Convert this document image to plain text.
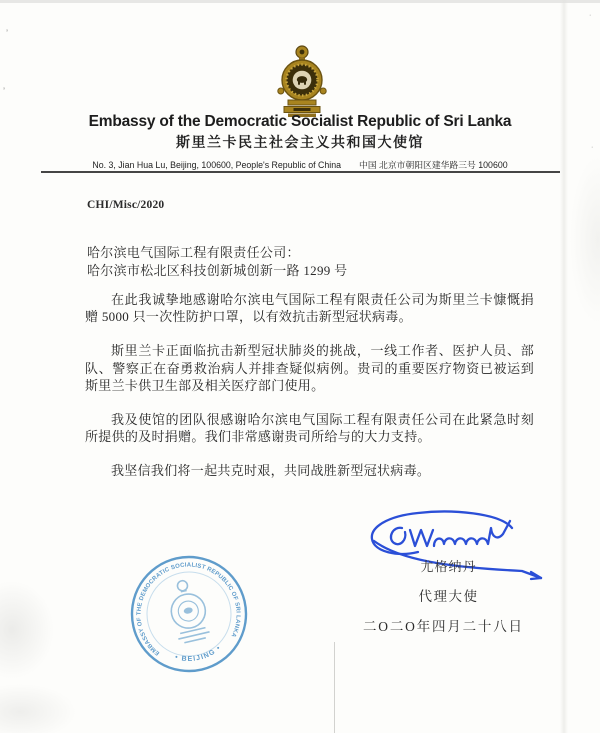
’
’
·
·
Embassy of the Democratic Socialist Republic of Sri Lanka
斯里兰卡民主社会主义共和国大使馆
No. 3, Jian Hua Lu, Beijing, 100600, People's Republic of China 中国 北京市朝阳区建华路三号 100600
CHI/Misc/2020
哈尔滨电气国际工程有限责任公司：
哈尔滨市松北区科技创新城创新一路 1299 号

在此我诚挚地感谢哈尔滨电气国际工程有限责任公司为斯里兰卡慷慨捐赠 5000 只一次性防护口罩，以有效抗击新型冠状病毒。

斯里兰卡正面临抗击新型冠状肺炎的挑战，一线工作者、医护人员、部队、警察正在奋勇救治病人并排查疑似病例。贵司的重要医疗物资已被运到斯里兰卡供卫生部及相关医疗部门使用。

我及使馆的团队很感谢哈尔滨电气国际工程有限责任公司在此紧急时刻所提供的及时捐赠。我们非常感谢贵司所给与的大力支持。

我坚信我们将一起共克时艰，共同战胜新型冠状病毒。

尤格纳丹
代理大使
二O二O年四月二十八日
EMBASSY OF THE DEMOCRATIC SOCIALIST REPUBLIC OF SRI LANKA
• BEIJING •
